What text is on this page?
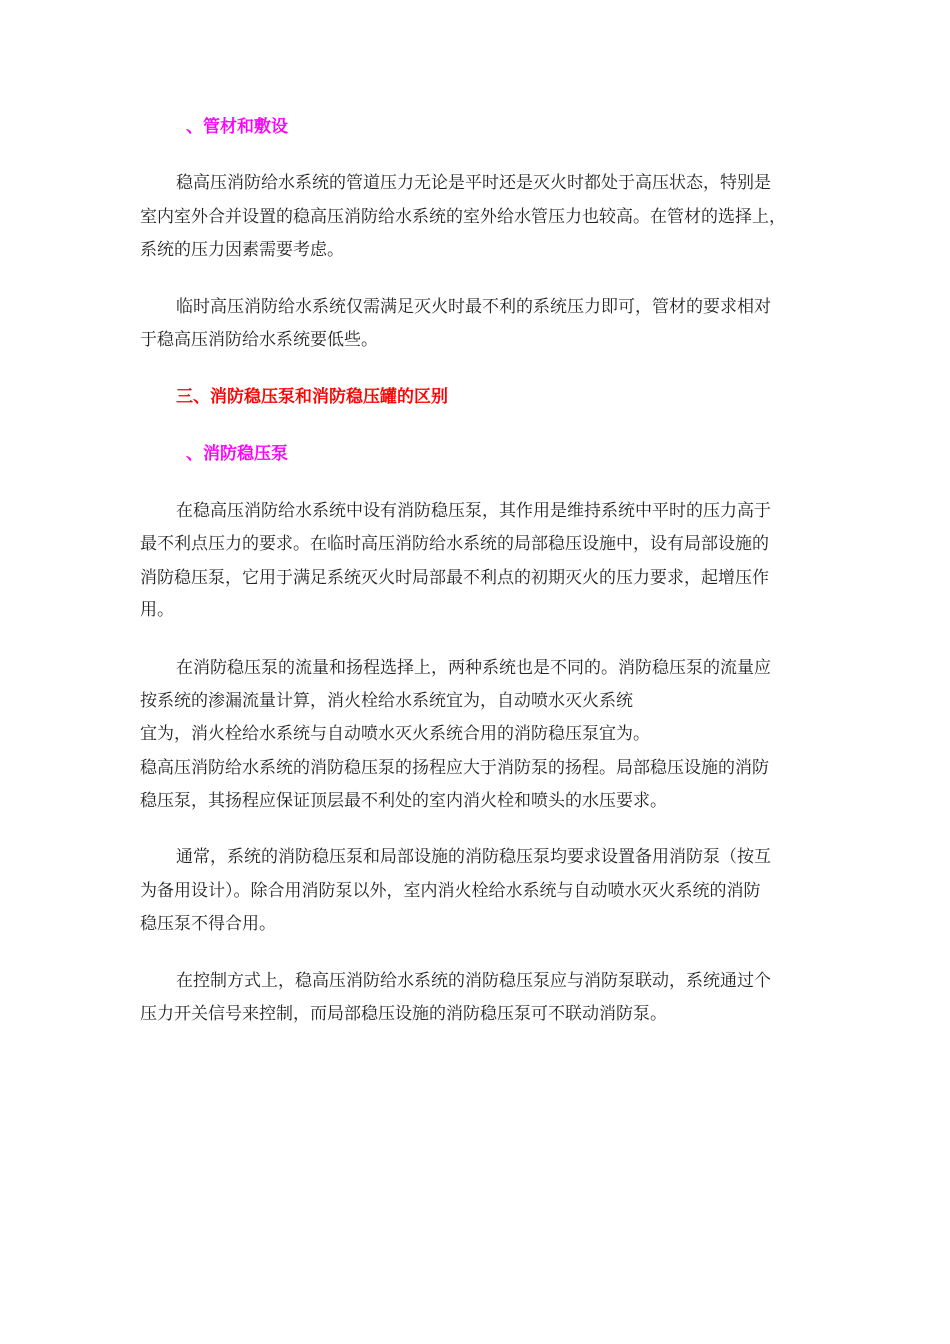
、管材和敷设
稳高压消防给水系统的管道压力无论是平时还是灭火时都处于高压状态，特别是
室内室外合并设置的稳高压消防给水系统的室外给水管压力也较高。在管材的选择上，
系统的压力因素需要考虑。
临时高压消防给水系统仅需满足灭火时最不利的系统压力即可，管材的要求相对
于稳高压消防给水系统要低些。
三、消防稳压泵和消防稳压罐的区别
、消防稳压泵
在稳高压消防给水系统中设有消防稳压泵，其作用是维持系统中平时的压力高于
最不利点压力的要求。在临时高压消防给水系统的局部稳压设施中，设有局部设施的
消防稳压泵，它用于满足系统灭火时局部最不利点的初期灭火的压力要求，起增压作
用。
在消防稳压泵的流量和扬程选择上，两种系统也是不同的。消防稳压泵的流量应
按系统的渗漏流量计算，消火栓给水系统宜为，自动喷水灭火系统
宜为，消火栓给水系统与自动喷水灭火系统合用的消防稳压泵宜为。
稳高压消防给水系统的消防稳压泵的扬程应大于消防泵的扬程。局部稳压设施的消防
稳压泵，其扬程应保证顶层最不利处的室内消火栓和喷头的水压要求。
通常，系统的消防稳压泵和局部设施的消防稳压泵均要求设置备用消防泵（按互
为备用设计）。除合用消防泵以外，室内消火栓给水系统与自动喷水灭火系统的消防
稳压泵不得合用。
在控制方式上，稳高压消防给水系统的消防稳压泵应与消防泵联动，系统通过个
压力开关信号来控制，而局部稳压设施的消防稳压泵可不联动消防泵。
